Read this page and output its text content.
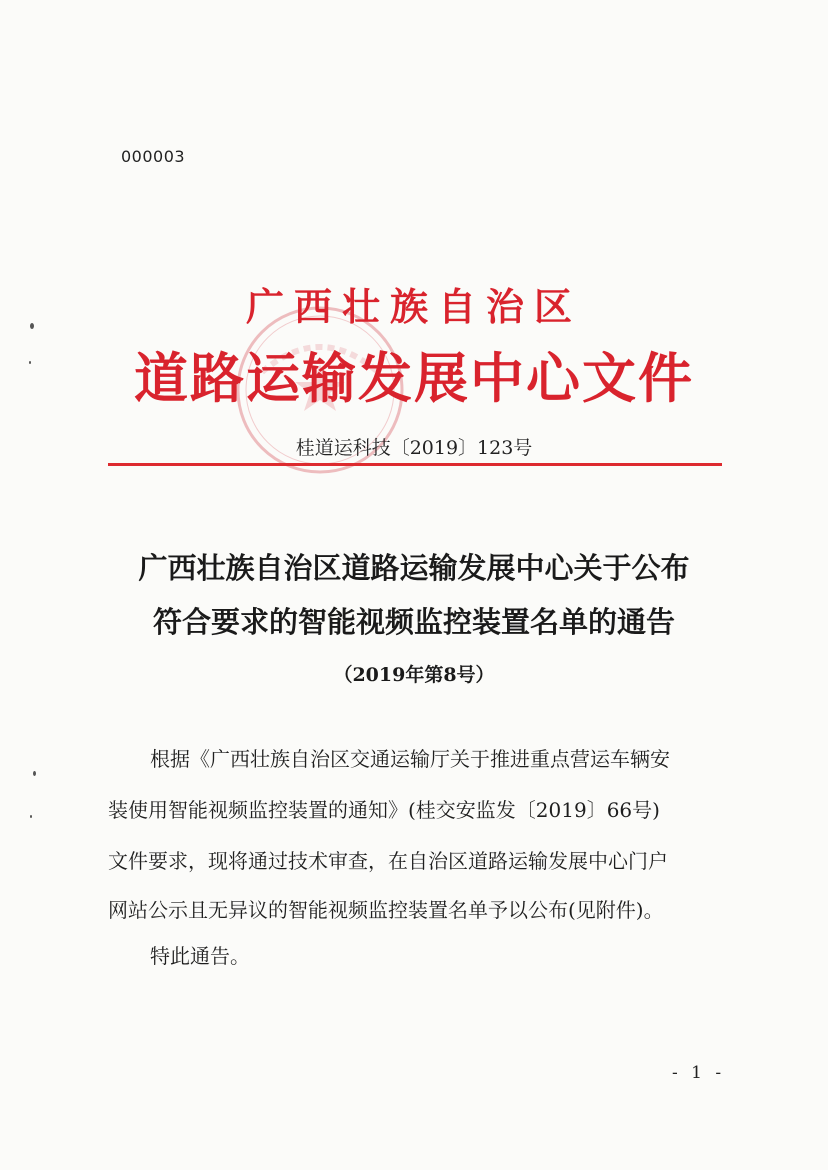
000003
广西壮族自治区
道路运输发展中心文件
桂道运科技〔2019〕123号
广西壮族自治区道路运输发展中心关于公布
符合要求的智能视频监控装置名单的通告
（2019年第8号）
根据《广西壮族自治区交通运输厅关于推进重点营运车辆安
装使用智能视频监控装置的通知》(桂交安监发〔2019〕66号)
文件要求，现将通过技术审查，在自治区道路运输发展中心门户
网站公示且无异议的智能视频监控装置名单予以公布(见附件)。
特此通告。
- 1 -
